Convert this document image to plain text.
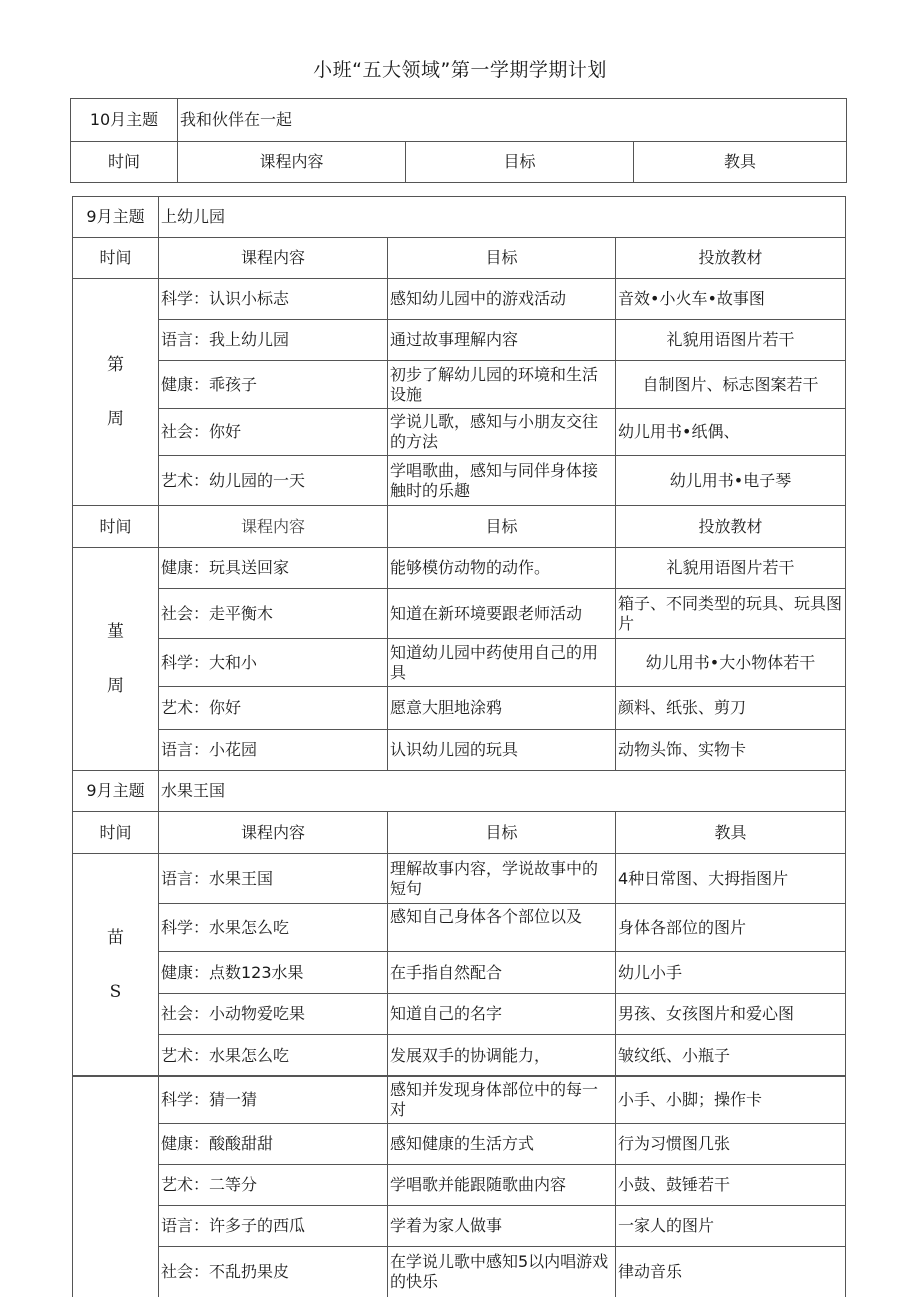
小班“五大领域”第一学期学期计划
10月主题	我和伙伴在一起		
时间	课程内容	目标	教具
9月主题	上幼儿园		
时间	课程内容	目标	投放教材
第
周	科学：认识小标志	感知幼儿园中的游戏活动	音效•小火车•故事图
	语言：我上幼儿园	通过故事理解内容	礼貌用语图片若干
	健康：乖孩子	初步了解幼儿园的环境和生活设施	自制图片、标志图案若干
	社会：你好	学说儿歌，感知与小朋友交往的方法	幼儿用书•纸偶、
	艺术：幼儿园的一天	学唱歌曲，感知与同伴身体接触时的乐趣	幼儿用书•电子琴
时间	课程内容	目标	投放教材
堇
周	健康：玩具送回家	能够模仿动物的动作。	礼貌用语图片若干
	社会：走平衡木	知道在新环境要跟老师活动	箱子、不同类型的玩具、玩具图片
	科学：大和小	知道幼儿园中药使用自己的用具	幼儿用书•大小物体若干
	艺术：你好	愿意大胆地涂鸦	颜料、纸张、剪刀
	语言：小花园	认识幼儿园的玩具	动物头饰、实物卡
9月主题	水果王国		
时间	课程内容	目标	教具
苗
S	语言：水果王国	理解故事内容，学说故事中的短句	4种日常图、大拇指图片
	科学：水果怎么吃	感知自己身体各个部位以及	身体各部位的图片
	健康：点数123水果	在手指自然配合	幼儿小手
	社会：小动物爱吃果	知道自己的名字	男孩、女孩图片和爱心图
	艺术：水果怎么吃	发展双手的协调能力，	皱纹纸、小瓶子
	科学：猜一猜	感知并发现身体部位中的每一对	小手、小脚；操作卡
	健康：酸酸甜甜	感知健康的生活方式	行为习惯图几张
	艺术：二等分	学唱歌并能跟随歌曲内容	小鼓、鼓锤若干
	语言：许多子的西瓜	学着为家人做事	一家人的图片
	社会：不乱扔果皮	在学说儿歌中感知5以内唱游戏的快乐	律动音乐
